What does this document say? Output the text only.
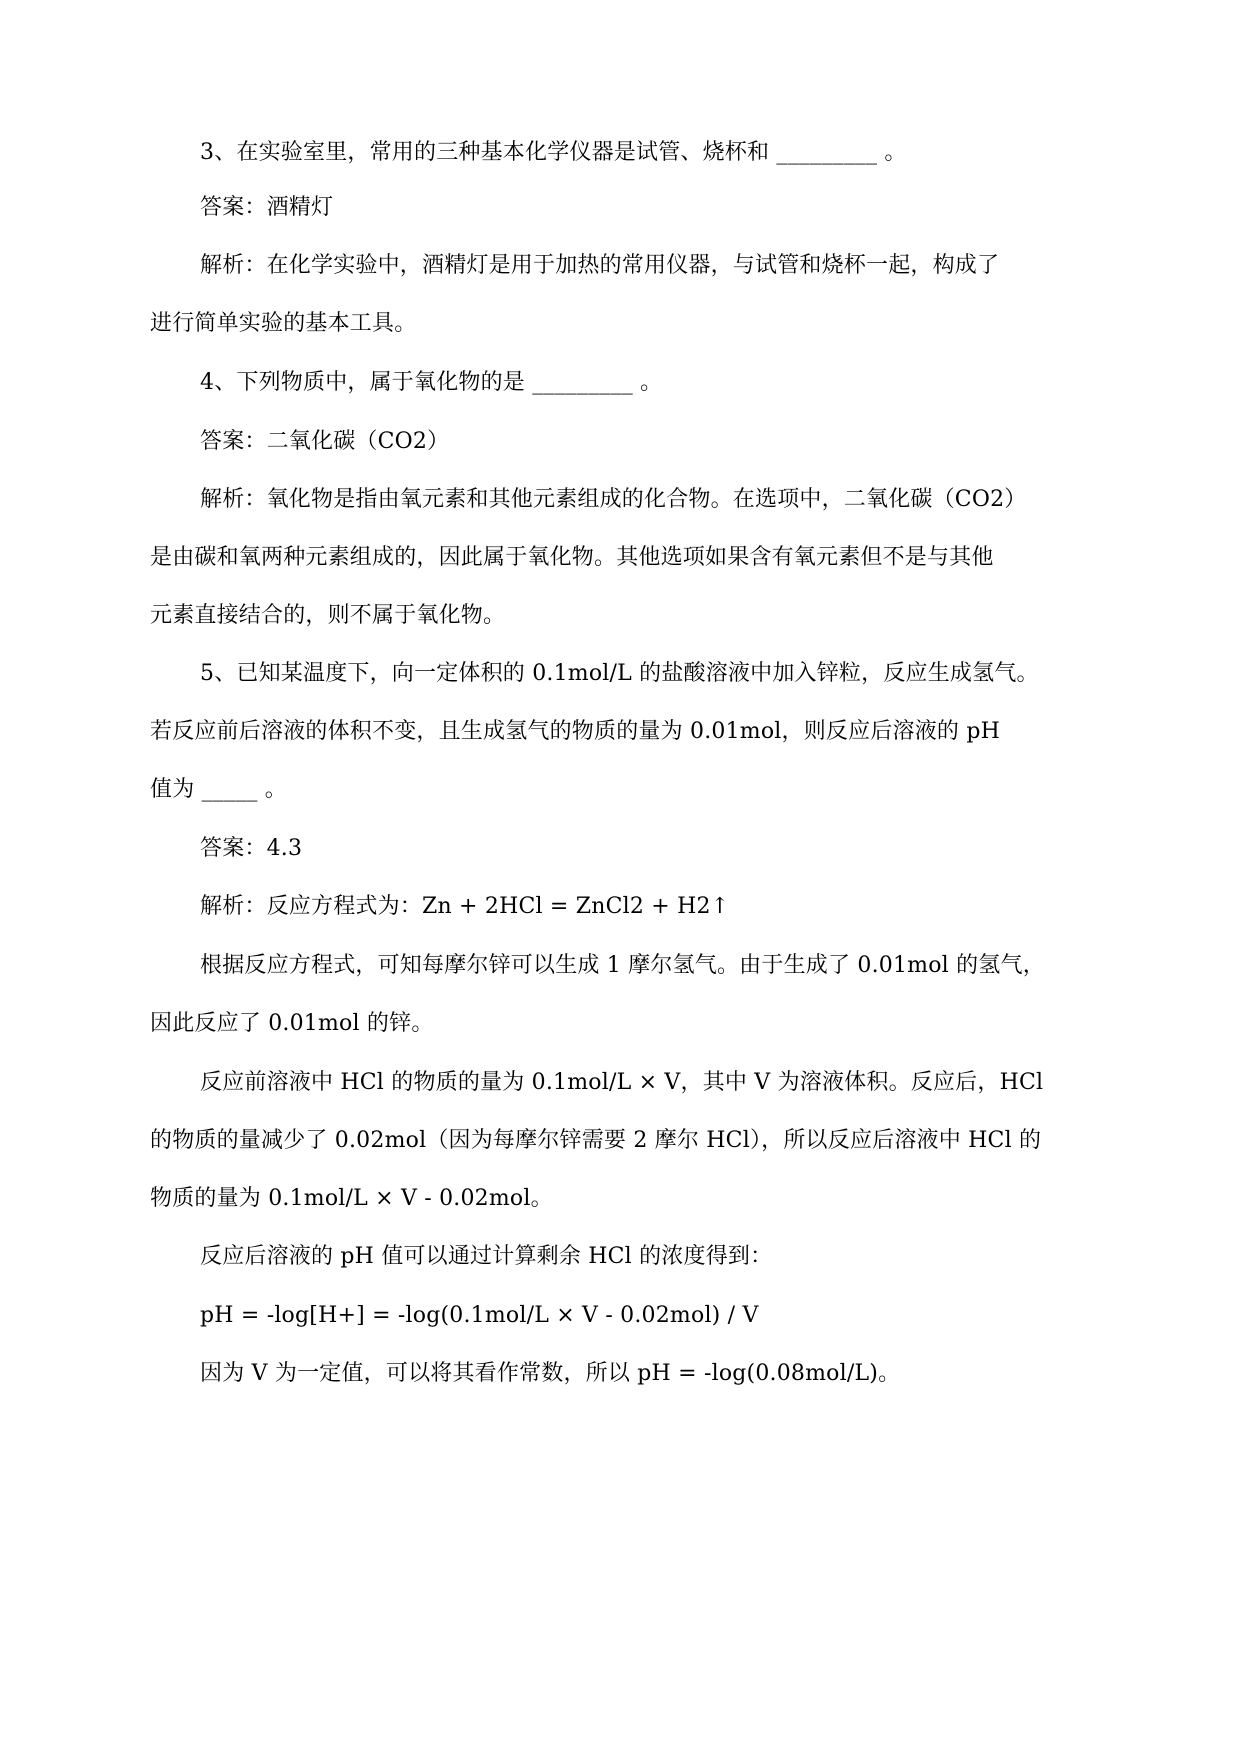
3、在实验室里，常用的三种基本化学仪器是试管、烧杯和 _________ 。
答案：酒精灯
解析：在化学实验中，酒精灯是用于加热的常用仪器，与试管和烧杯一起，构成了
进行简单实验的基本工具。
4、下列物质中，属于氧化物的是 _________ 。
答案：二氧化碳（CO2）
解析：氧化物是指由氧元素和其他元素组成的化合物。在选项中，二氧化碳（CO2）
是由碳和氧两种元素组成的，因此属于氧化物。其他选项如果含有氧元素但不是与其他
元素直接结合的，则不属于氧化物。
5、已知某温度下，向一定体积的 0.1mol/L 的盐酸溶液中加入锌粒，反应生成氢气。
若反应前后溶液的体积不变，且生成氢气的物质的量为 0.01mol，则反应后溶液的 pH
值为 _____ 。
答案：4.3
解析：反应方程式为：Zn + 2HCl = ZnCl2 + H2↑
根据反应方程式，可知每摩尔锌可以生成 1 摩尔氢气。由于生成了 0.01mol 的氢气，
因此反应了 0.01mol 的锌。
反应前溶液中 HCl 的物质的量为 0.1mol/L × V，其中 V 为溶液体积。反应后，HCl
的物质的量减少了 0.02mol（因为每摩尔锌需要 2 摩尔 HCl），所以反应后溶液中 HCl 的
物质的量为 0.1mol/L × V - 0.02mol。
反应后溶液的 pH 值可以通过计算剩余 HCl 的浓度得到：
pH = -log[H+] = -log(0.1mol/L × V - 0.02mol) / V
因为 V 为一定值，可以将其看作常数，所以 pH = -log(0.08mol/L)。
